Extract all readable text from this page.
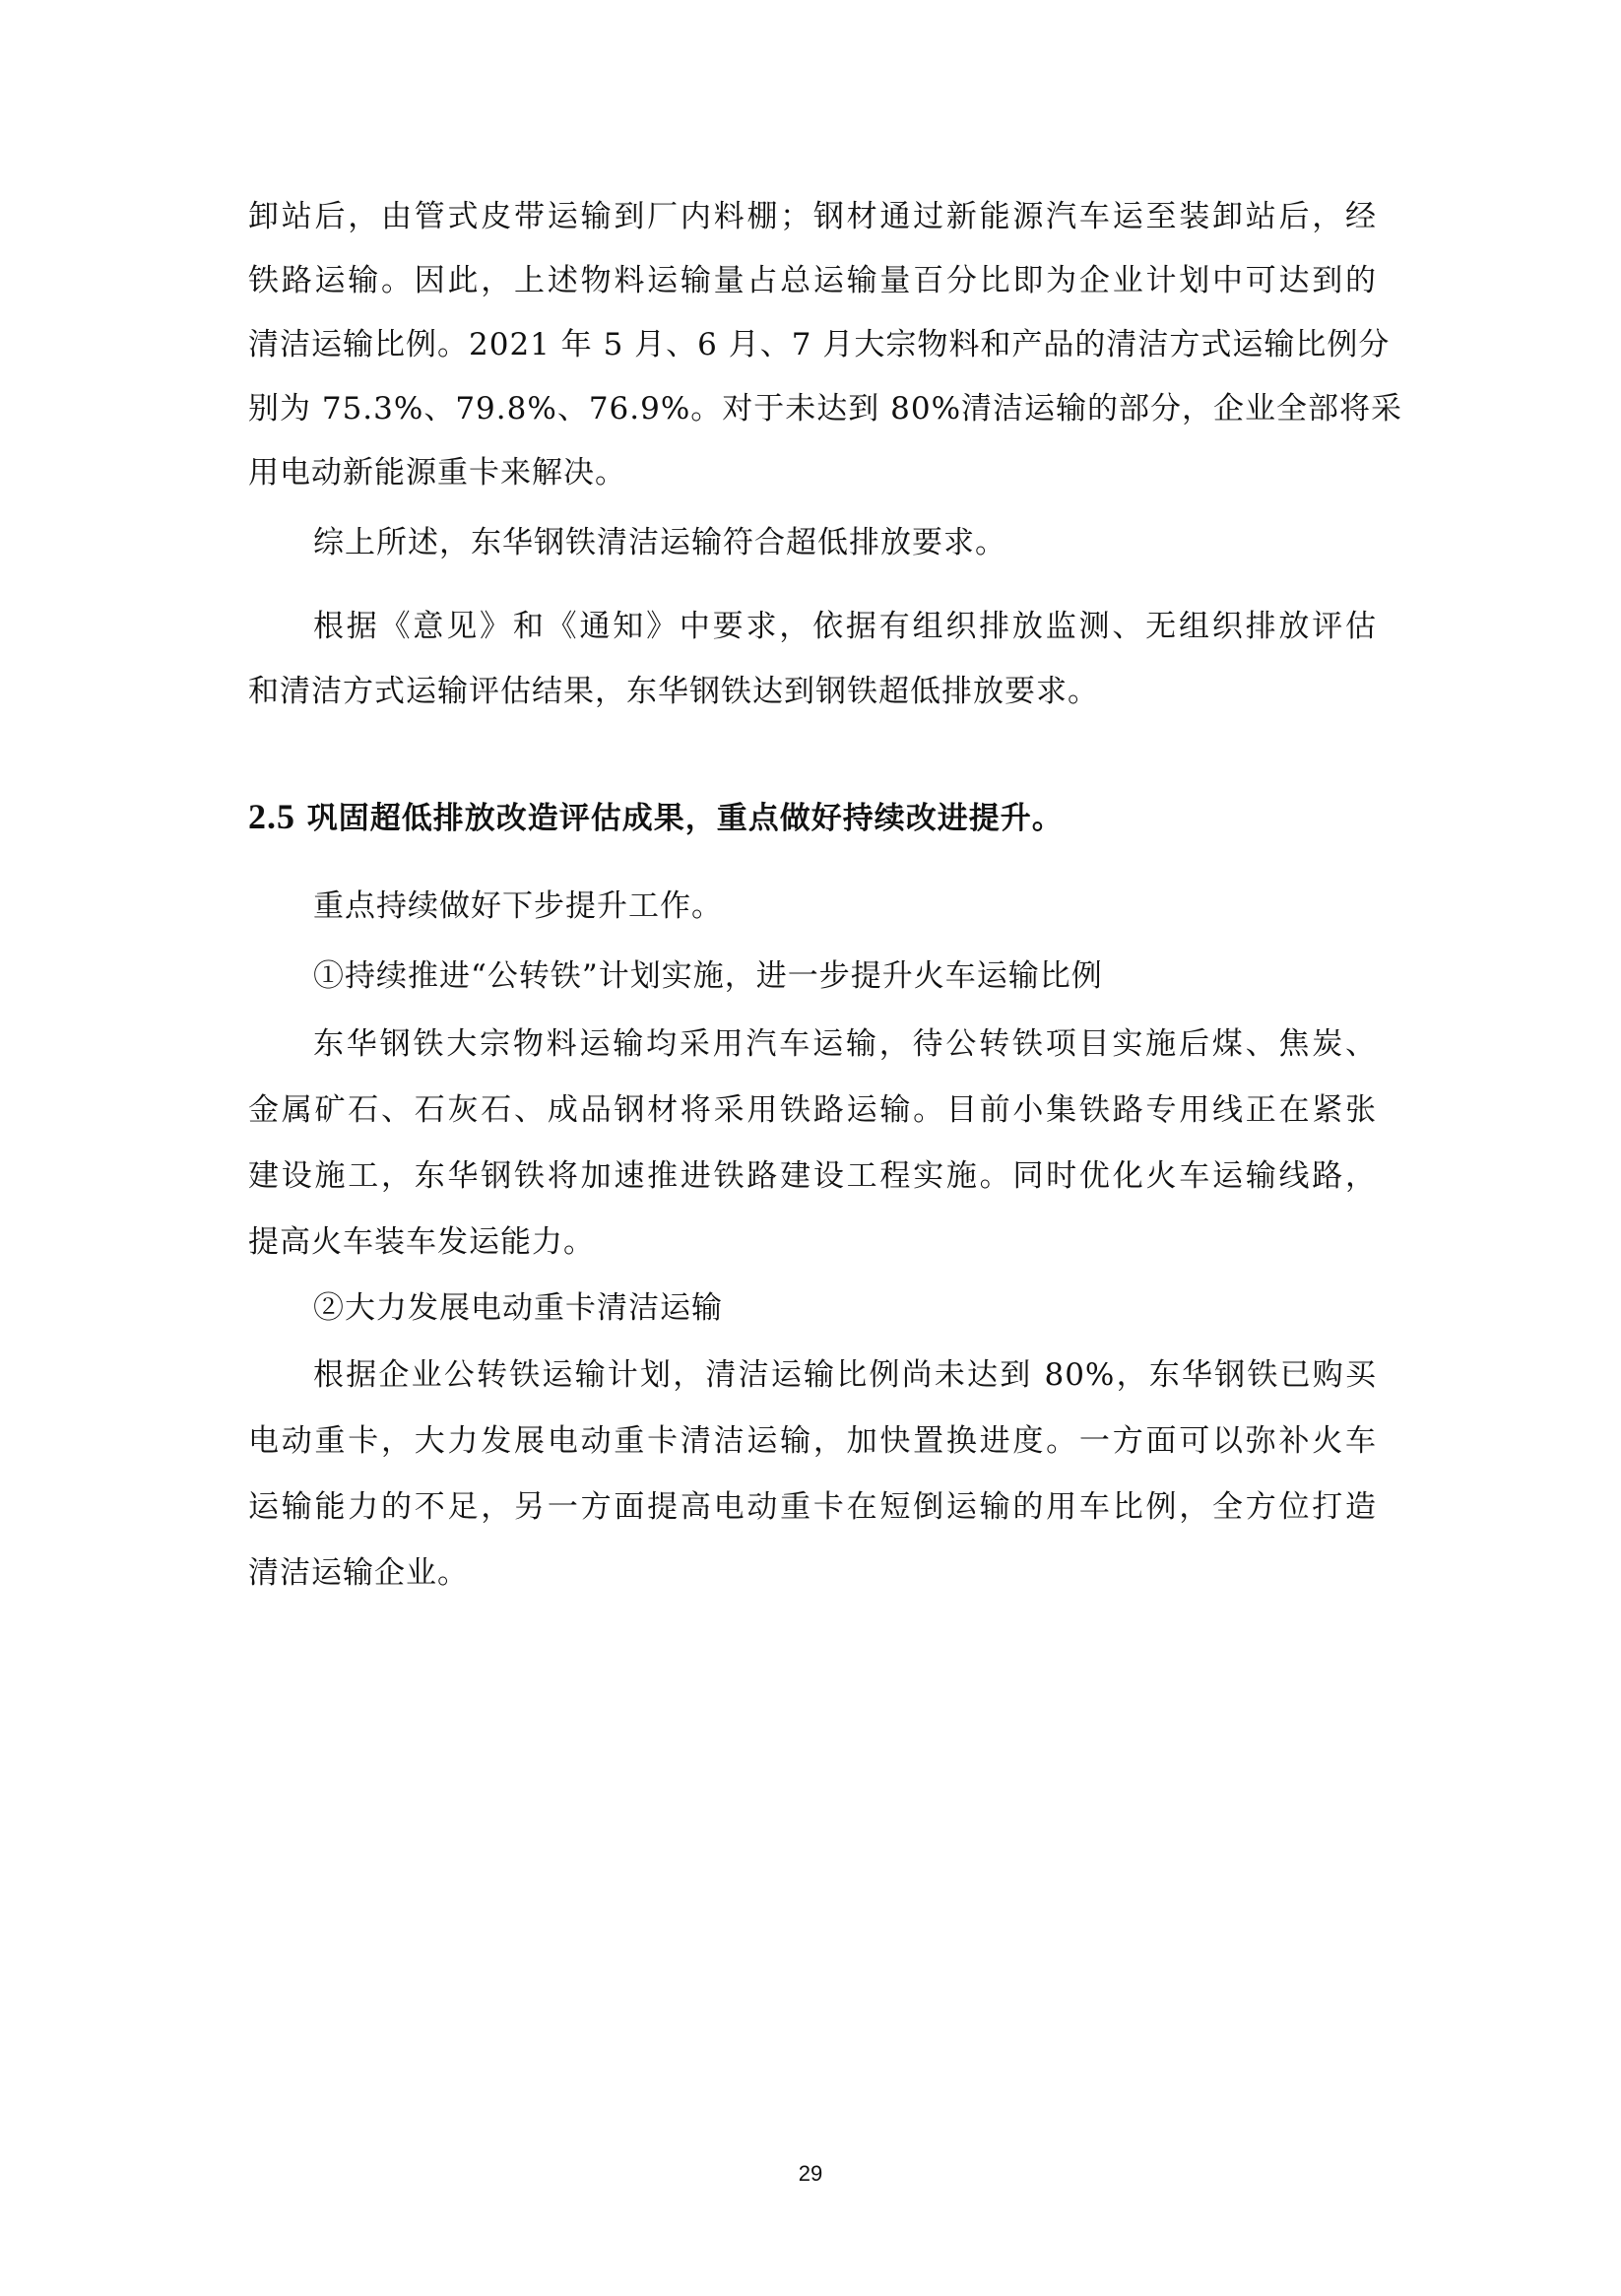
卸站后，由管式皮带运输到厂内料棚；钢材通过新能源汽车运至装卸站后，经
铁路运输。因此，上述物料运输量占总运输量百分比即为企业计划中可达到的
清洁运输比例。2021 年 5 月、6 月、7 月大宗物料和产品的清洁方式运输比例分
别为 75.3%、79.8%、76.9%。对于未达到 80%清洁运输的部分，企业全部将采
用电动新能源重卡来解决。
综上所述，东华钢铁清洁运输符合超低排放要求。
根据《意见》和《通知》中要求，依据有组织排放监测、无组织排放评估
和清洁方式运输评估结果，东华钢铁达到钢铁超低排放要求。
2.5 巩固超低排放改造评估成果，重点做好持续改进提升。
重点持续做好下步提升工作。
①持续推进“公转铁”计划实施，进一步提升火车运输比例
东华钢铁大宗物料运输均采用汽车运输，待公转铁项目实施后煤、焦炭、
金属矿石、石灰石、成品钢材将采用铁路运输。目前小集铁路专用线正在紧张
建设施工，东华钢铁将加速推进铁路建设工程实施。同时优化火车运输线路，
提高火车装车发运能力。
②大力发展电动重卡清洁运输
根据企业公转铁运输计划，清洁运输比例尚未达到 80%，东华钢铁已购买
电动重卡，大力发展电动重卡清洁运输，加快置换进度。一方面可以弥补火车
运输能力的不足，另一方面提高电动重卡在短倒运输的用车比例，全方位打造
清洁运输企业。
29
